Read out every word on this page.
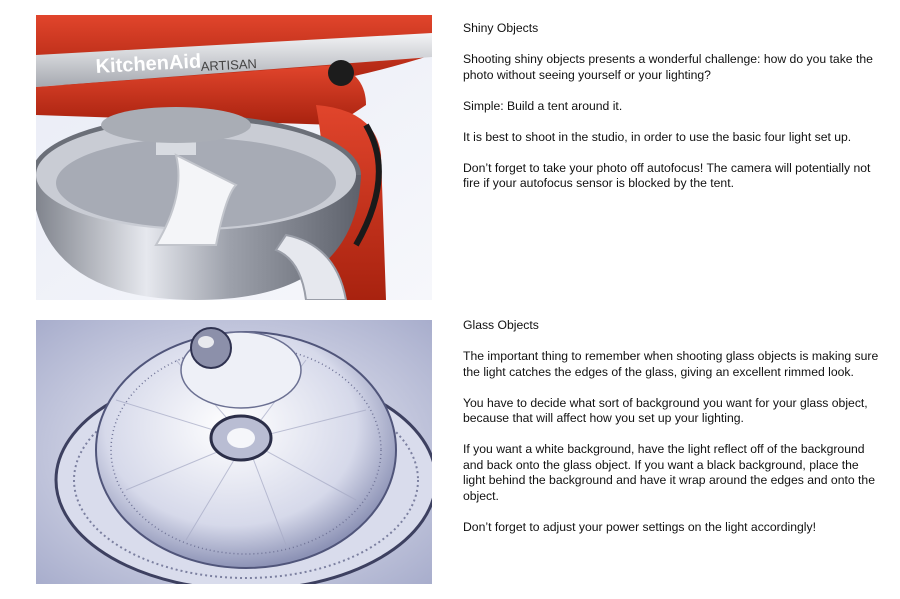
KitchenAid
ARTISAN
Shiny Objects

Shooting shiny objects presents a wonderful challenge: how do you take the photo without seeing yourself or your lighting?

Simple: Build a tent around it.

It is best to shoot in the studio, in order to use the basic four light set up.

Don’t forget to take your photo off autofocus! The camera will potentially not fire if your autofocus sensor is blocked by the tent.

Glass Objects

The important thing to remember when shooting glass objects is making sure the light catches the edges of the glass, giving an excellent rimmed look.

You have to decide what sort of background you want for your glass object, because that will affect how you set up your lighting.

If you want a white background, have the light reflect off of the background and back onto the glass object. If you want a black background, place the light behind the background and have it wrap around the edges and onto the object.

Don’t forget to adjust your power settings on the light accordingly!
